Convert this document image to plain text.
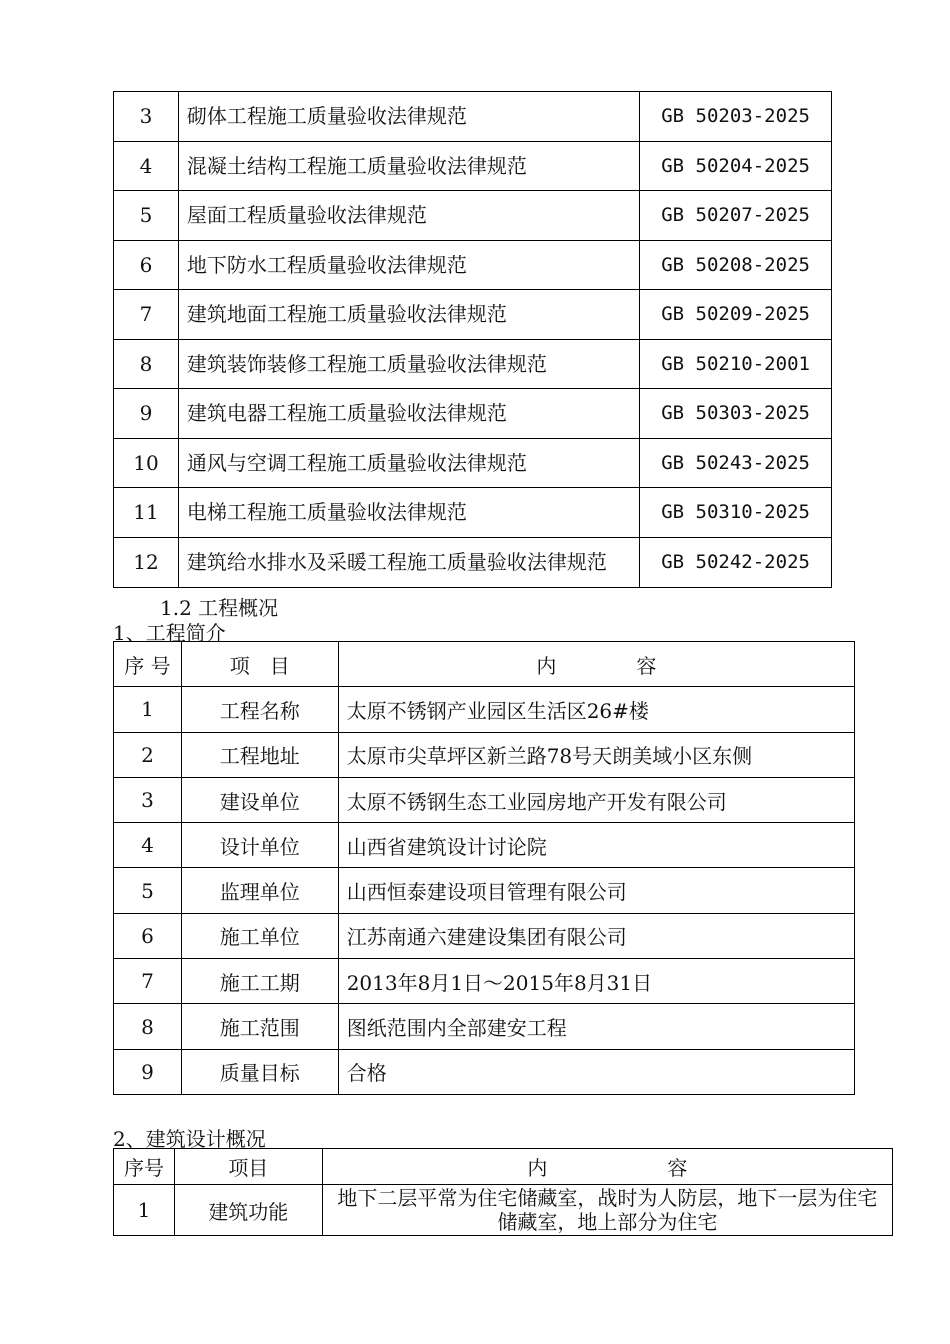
3	砌体工程施工质量验收法律规范	GB 50203-2025
4	混凝土结构工程施工质量验收法律规范	GB 50204-2025
5	屋面工程质量验收法律规范	GB 50207-2025
6	地下防水工程质量验收法律规范	GB 50208-2025
7	建筑地面工程施工质量验收法律规范	GB 50209-2025
8	建筑装饰装修工程施工质量验收法律规范	GB 50210-2001
9	建筑电器工程施工质量验收法律规范	GB 50303-2025
10	通风与空调工程施工质量验收法律规范	GB 50243-2025
11	电梯工程施工质量验收法律规范	GB 50310-2025
12	建筑给水排水及采暖工程施工质量验收法律规范	GB 50242-2025
1.2 工程概况
1、工程简介
序 号	项　目	内　　　　容
1	工程名称	太原不锈钢产业园区生活区26#楼
2	工程地址	太原市尖草坪区新兰路78号天朗美域小区东侧
3	建设单位	太原不锈钢生态工业园房地产开发有限公司
4	设计单位	山西省建筑设计讨论院
5	监理单位	山西恒泰建设项目管理有限公司
6	施工单位	江苏南通六建建设集团有限公司
7	施工工期	2013年8月1日～2015年8月31日
8	施工范围	图纸范围内全部建安工程
9	质量目标	合格
2、建筑设计概况
序号	项目	内　　　　　　容
1	建筑功能	地下二层平常为住宅储藏室，战时为人防层，地下一层为住宅储藏室，地上部分为住宅
